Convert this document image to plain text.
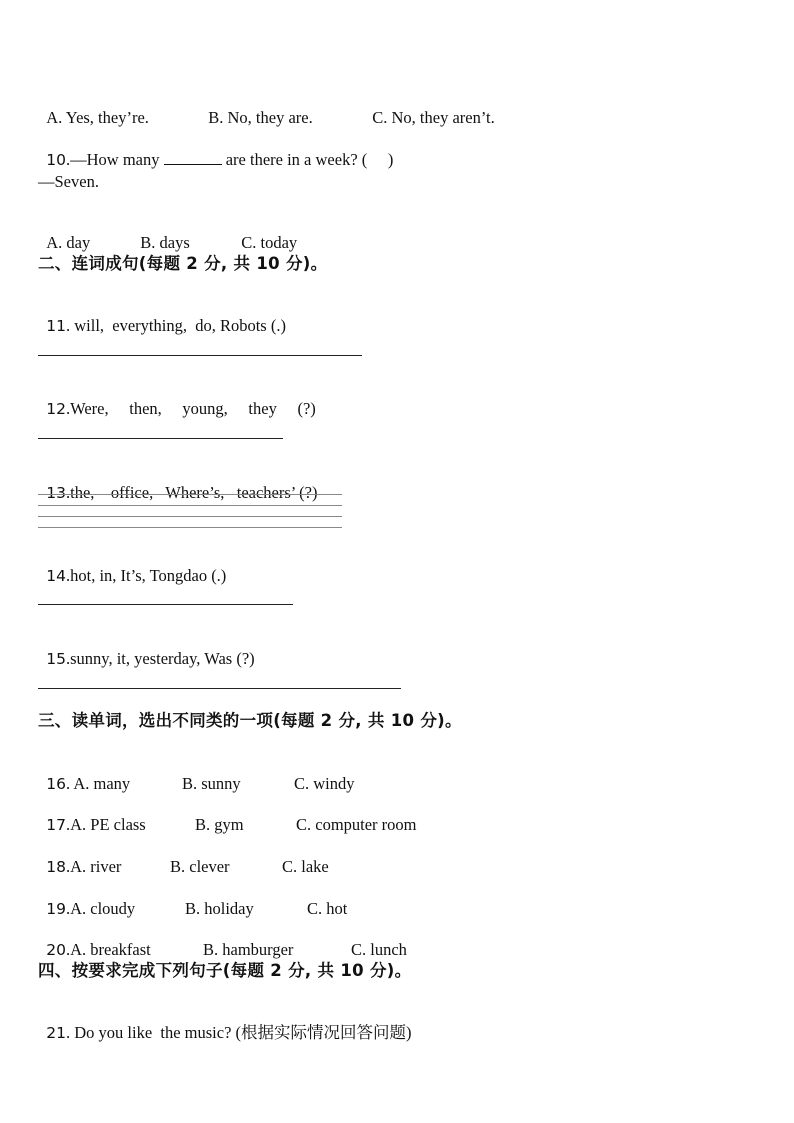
A. Yes, they’re.	B. No, they are.	C. No, they aren’t.

10.—How many	are there in a week? (     )

—Seven.

A. day	B. days	C. today

二、连词成句(每题 2 分, 共 10 分)。

11. will,  everything,  do, Robots (.)

12.Were,     then,     young,     they     (?)

13.the,    office,   Where’s,   teachers’ (?)

14.hot, in, It’s, Tongdao (.)

15.sunny, it, yesterday, Was (?)

三、读单词，选出不同类的一项(每题 2 分, 共 10 分)。

16. A. many	B. sunny	C. windy

17.A. PE class	B. gym	C. computer room

18.A. river	B. clever	C. lake

19.A. cloudy	B. holiday	C. hot

20.A. breakfast	B. hamburger	C. lunch

四、按要求完成下列句子(每题 2 分, 共 10 分)。

21. Do you like  the music? (根据实际情况回答问题)
